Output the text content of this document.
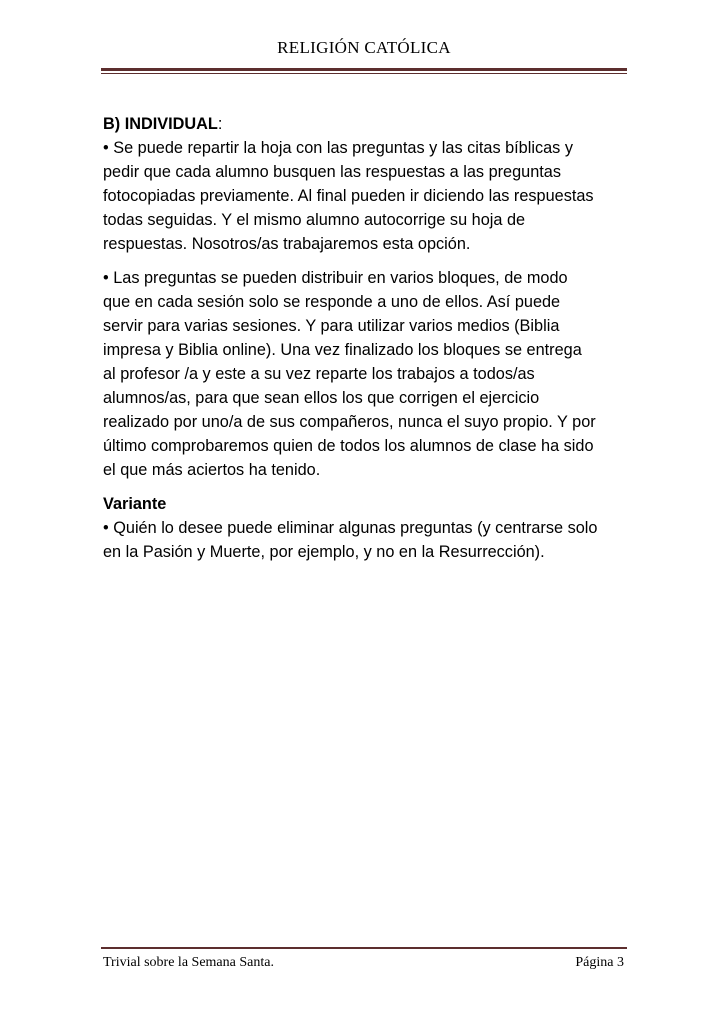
RELIGIÓN CATÓLICA

B) INDIVIDUAL:

• Se puede repartir la hoja con las preguntas y las citas bíblicas y

pedir que cada alumno busquen las respuestas a las preguntas

fotocopiadas previamente. Al final pueden ir diciendo las respuestas

todas seguidas. Y el mismo alumno autocorrige su hoja de

respuestas. Nosotros/as trabajaremos esta opción.

• Las preguntas se pueden distribuir en varios bloques, de modo

que en cada sesión solo se responde a uno de ellos. Así puede

servir para varias sesiones. Y para utilizar varios medios (Biblia

impresa y Biblia online). Una vez finalizado los bloques se entrega

al profesor /a y este a su vez reparte los trabajos a todos/as

alumnos/as, para que sean ellos los que corrigen el ejercicio

realizado por uno/a de sus compañeros, nunca el suyo propio. Y por

último comprobaremos quien de todos los alumnos de clase ha sido

el que más aciertos ha tenido.

Variante

• Quién lo desee puede eliminar algunas preguntas (y centrarse solo

en la Pasión y Muerte, por ejemplo, y no en la Resurrección).

Trivial sobre la Semana Santa.	Página 3
